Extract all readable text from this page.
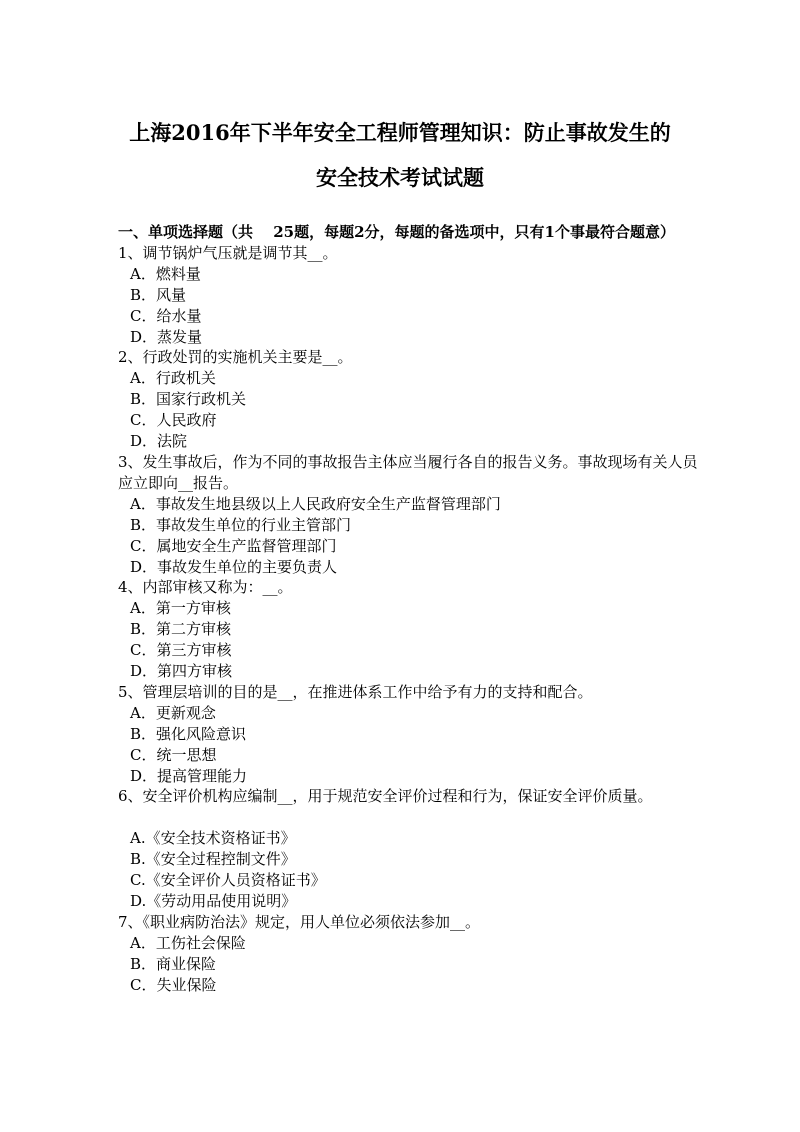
上海2016年下半年安全工程师管理知识：防止事故发生的
安全技术考试试题
一、单项选择题（共　 25题，每题2分，每题的备选项中，只有1个事最符合题意）

1、调节锅炉气压就是调节其__。

A．燃料量

B．风量

C．给水量

D．蒸发量

2、行政处罚的实施机关主要是__。

A．行政机关

B．国家行政机关

C．人民政府

D．法院

3、发生事故后，作为不同的事故报告主体应当履行各自的报告义务。事故现场有关人员应立即向__报告。

A．事故发生地县级以上人民政府安全生产监督管理部门

B．事故发生单位的行业主管部门

C．属地安全生产监督管理部门

D．事故发生单位的主要负责人

4、内部审核又称为：__。

A．第一方审核

B．第二方审核

C．第三方审核

D．第四方审核

5、管理层培训的目的是__，在推进体系工作中给予有力的支持和配合。

A．更新观念

B．强化风险意识

C．统一思想

D．提高管理能力

6、安全评价机构应编制__，用于规范安全评价过程和行为，保证安全评价质量。

A.《安全技术资格证书》

B.《安全过程控制文件》

C.《安全评价人员资格证书》

D.《劳动用品使用说明》

7、《职业病防治法》规定，用人单位必须依法参加__。

A．工伤社会保险

B．商业保险

C．失业保险
